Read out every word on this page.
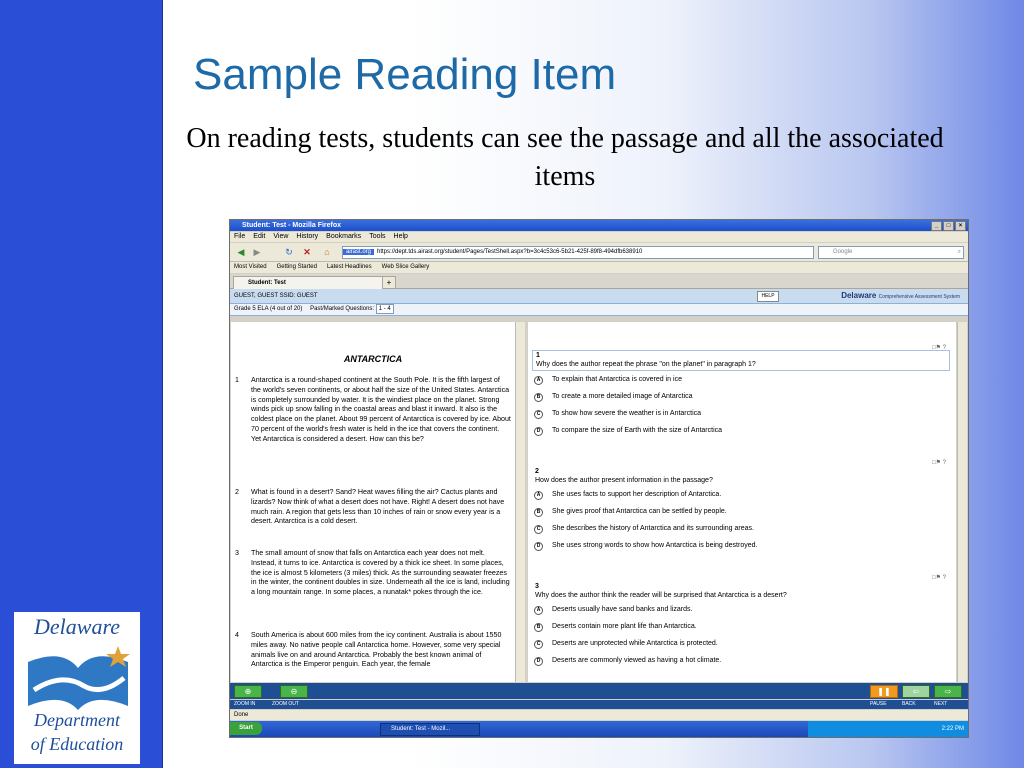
Delaware
Department
of Education
Sample Reading Item
On reading tests, students can see the passage and all the associated items
Student: Test - Mozilla Firefox	_	□	×
File Edit View History Bookmarks Tools Help
◀	▶	↻	✕	⌂	airast.org https://dept.tds.airast.org/student/Pages/TestShell.aspx?b=3c4c53c6-5b21-425f-89f8-494dfb638910	Google	⌕
Most Visited Getting Started Latest Headlines Web Slice Gallery
Student: Test	+
GUEST, GUEST SSID: GUEST	HELP	Delaware Comprehensive Assessment System
Grade 5 ELA (4 out of 20) Past/Marked Questions: 1 - 4
ANTARCTICA
1 Antarctica is a round-shaped continent at the South Pole. It is the fifth largest of the world's seven continents, or about half the size of the United States. Antarctica is completely surrounded by water. It is the windiest place on the planet. Strong winds pick up snow falling in the coastal areas and blast it inward. It also is the coldest place on the planet. About 99 percent of Antarctica is covered by ice. About 70 percent of the world's fresh water is held in the ice that covers the continent. Yet Antarctica is considered a desert. How can this be?
2 What is found in a desert? Sand? Heat waves filling the air? Cactus plants and lizards? Now think of what a desert does not have. Right! A desert does not have much rain. A region that gets less than 10 inches of rain or snow every year is a desert. Antarctica is a cold desert.
3 The small amount of snow that falls on Antarctica each year does not melt. Instead, it turns to ice. Antarctica is covered by a thick ice sheet. In some places, the ice is almost 5 kilometers (3 miles) thick. As the surrounding seawater freezes in the winter, the continent doubles in size. Underneath all the ice is land, including a long mountain range. In some places, a nunatak* pokes through the ice.
4 South America is about 600 miles from the icy continent. Australia is about 1550 miles away. No native people call Antarctica home. However, some very special animals live on and around Antarctica. Probably the best known animal of Antarctica is the Emperor penguin. Each year, the female
□⚑ ?
1
Why does the author repeat the phrase "on the planet" in paragraph 1?
A	To explain that Antarctica is covered in ice
B	To create a more detailed image of Antarctica
C	To show how severe the weather is in Antarctica
D	To compare the size of Earth with the size of Antarctica
□⚑ ?
2
How does the author present information in the passage?
A	She uses facts to support her description of Antarctica.
B	She gives proof that Antarctica can be settled by people.
C	She describes the history of Antarctica and its surrounding areas.
D	She uses strong words to show how Antarctica is being destroyed.
□⚑ ?
3
Why does the author think the reader will be surprised that Antarctica is a desert?
A	Deserts usually have sand banks and lizards.
B	Deserts contain more plant life than Antarctica.
C	Deserts are unprotected while Antarctica is protected.
D	Deserts are commonly viewed as having a hot climate.
⊕	⊖	❚❚	⇦	⇨
ZOOM IN	ZOOM OUT	PAUSE	BACK	NEXT
Done
Start	Student: Test - Mozil...	2:22 PM
